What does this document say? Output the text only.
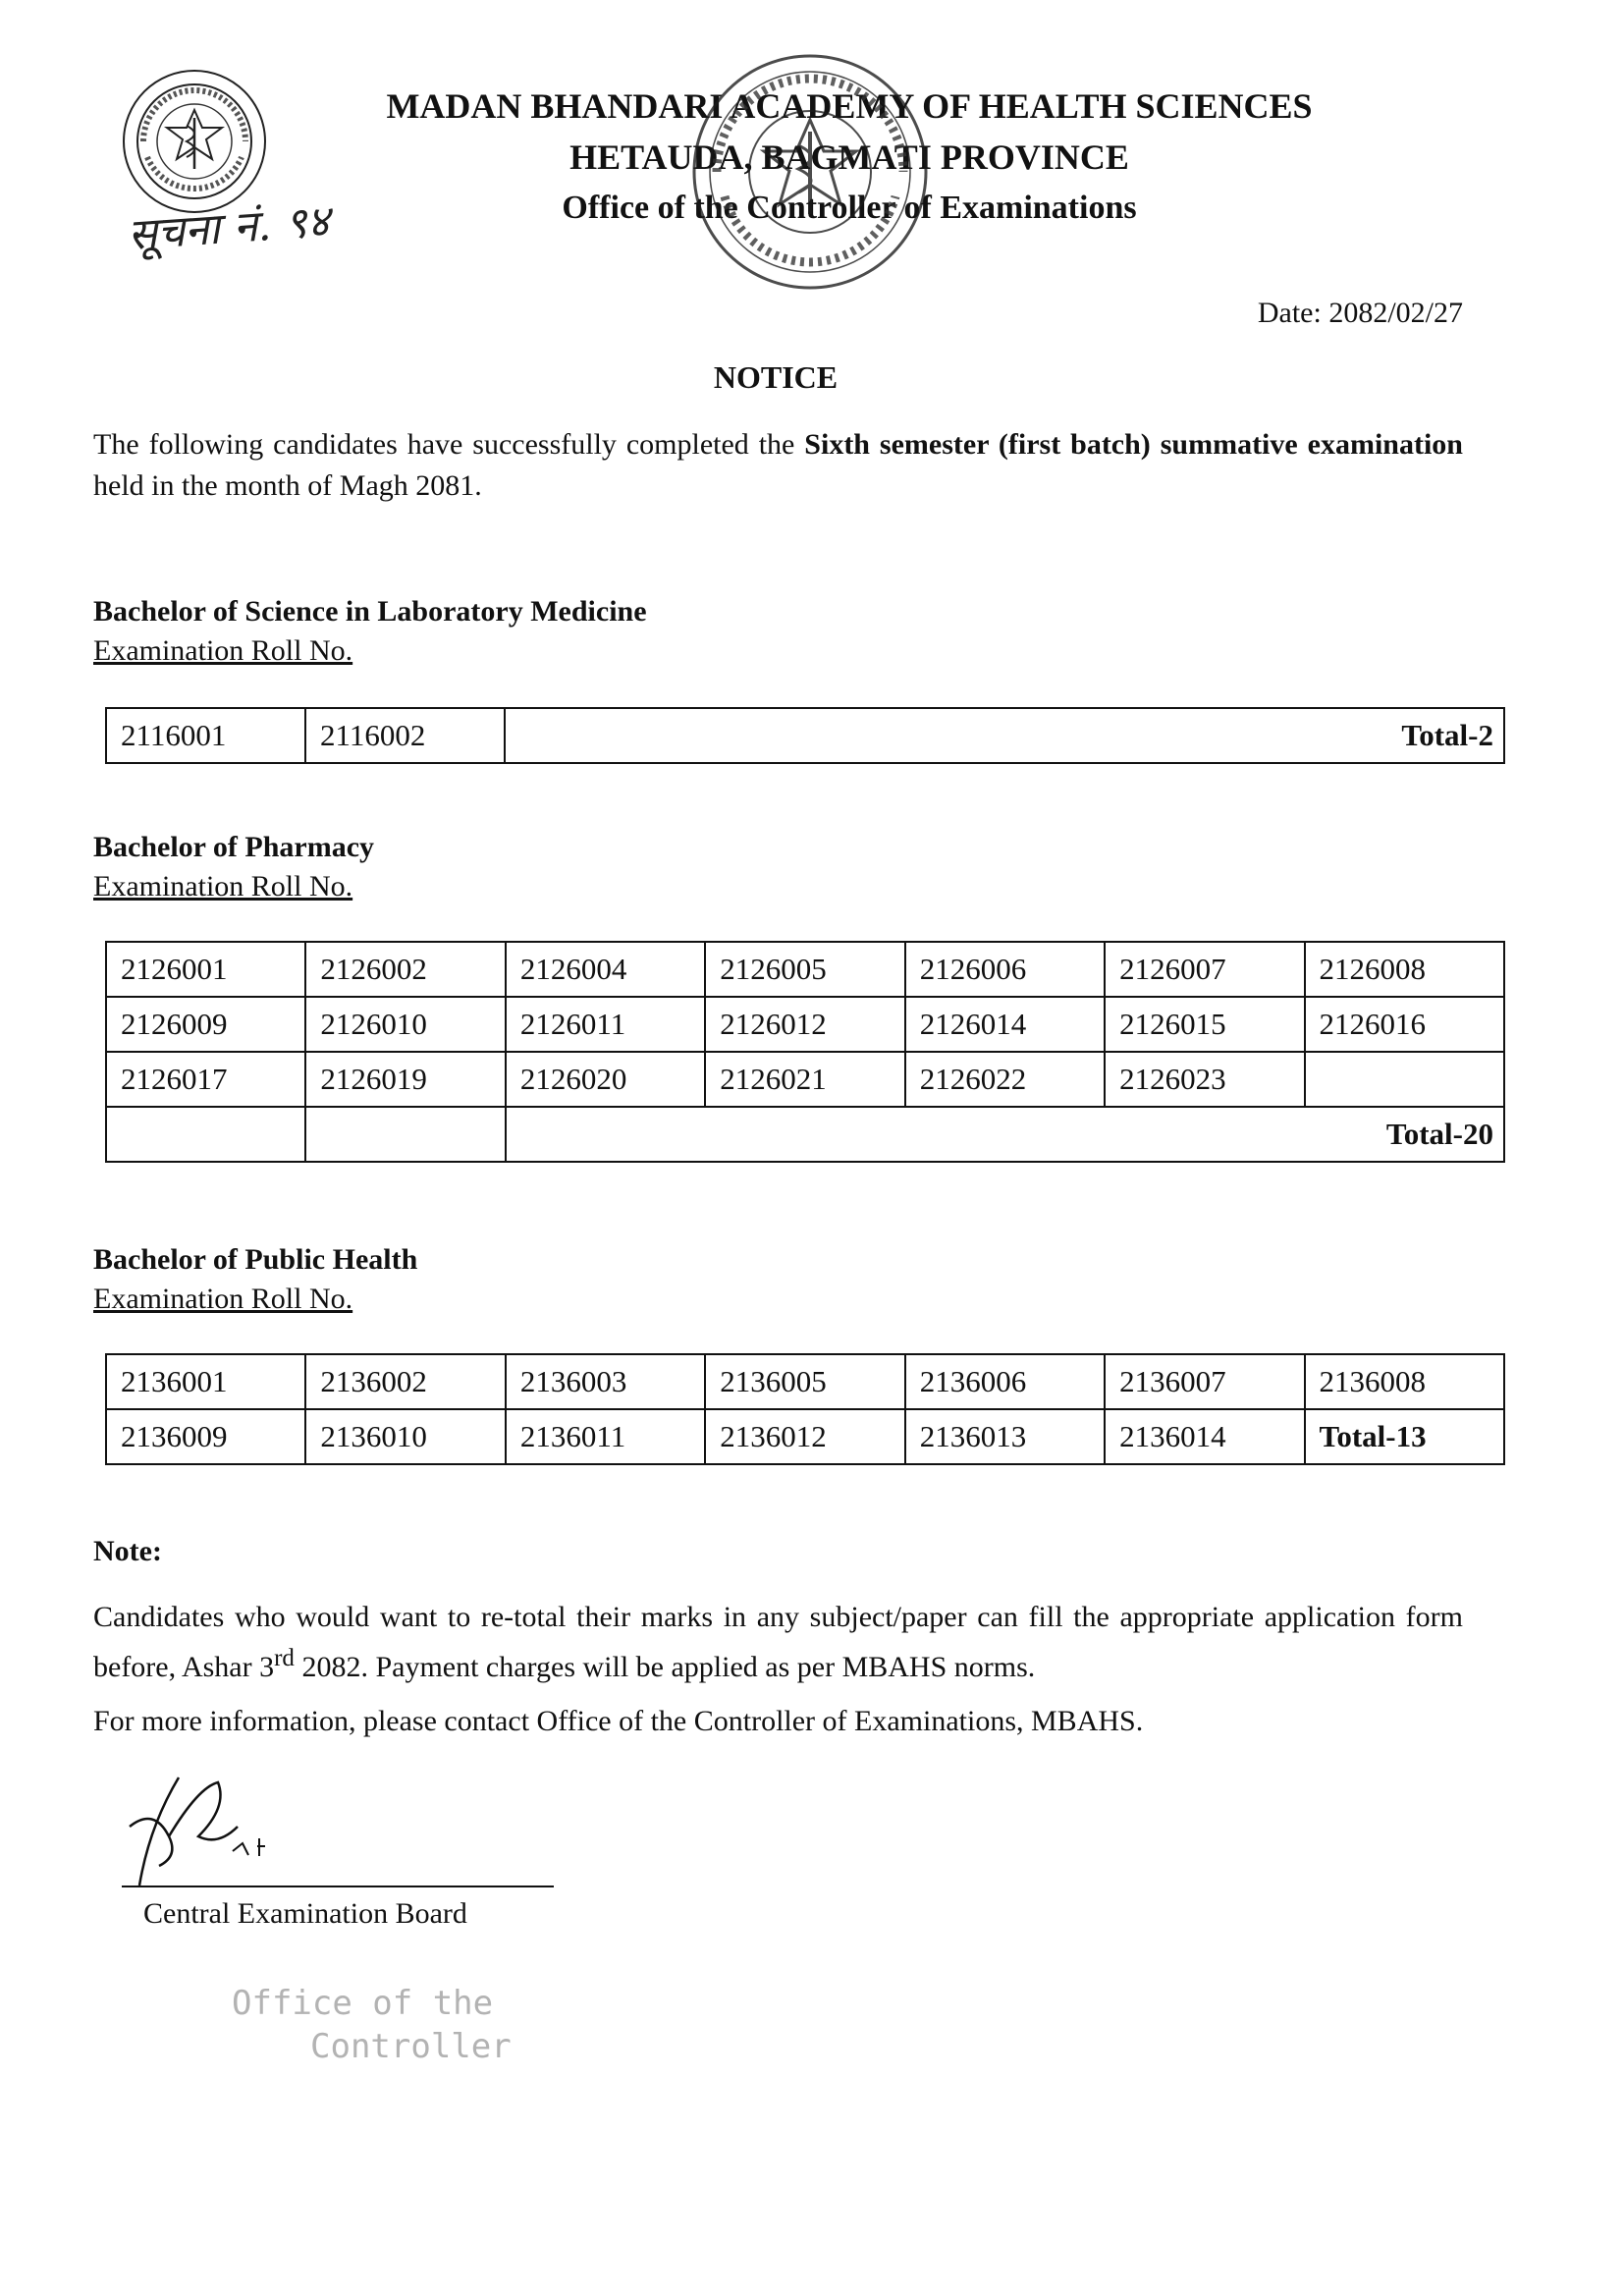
MADAN BHANDARI ACADEMY OF HEALTH SCIENCES
HETAUDA, BAGMATI PROVINCE
Office of the Controller of Examinations
सूचना नं. ९४
Date: 2082/02/27
NOTICE
The following candidates have successfully completed the Sixth semester (first batch) summative examination held in the month of Magh 2081.
Bachelor of Science in Laboratory Medicine
Examination Roll No.
2116001	2116002	Total-2
Bachelor of Pharmacy
Examination Roll No.
2126001	2126002	2126004	2126005	2126006	2126007	2126008
2126009	2126010	2126011	2126012	2126014	2126015	2126016
2126017	2126019	2126020	2126021	2126022	2126023	
		Total-20				
Bachelor of Public Health
Examination Roll No.
2136001	2136002	2136003	2136005	2136006	2136007	2136008
2136009	2136010	2136011	2136012	2136013	2136014	Total-13
Note:
Candidates who would want to re-total their marks in any subject/paper can fill the appropriate application form before, Ashar 3rd 2082. Payment charges will be applied as per MBAHS norms.
For more information, please contact Office of the Controller of Examinations, MBAHS.
Central Examination Board
Office of the
Controller
